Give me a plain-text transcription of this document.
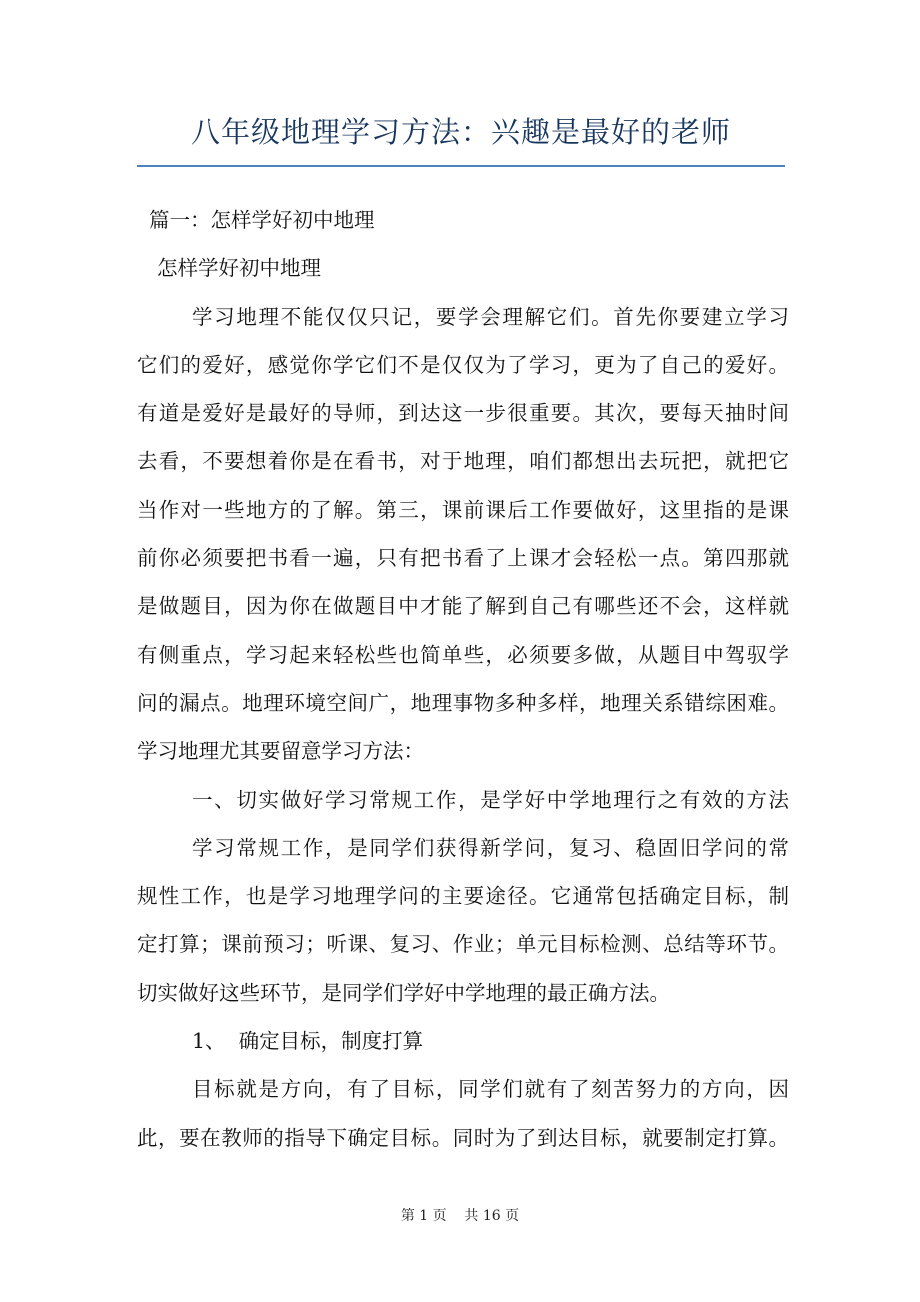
八年级地理学习方法：兴趣是最好的老师
篇一：怎样学好初中地理
怎样学好初中地理
学习地理不能仅仅只记，要学会理解它们。首先你要建立学习
它们的爱好，感觉你学它们不是仅仅为了学习，更为了自己的爱好。
有道是爱好是最好的导师，到达这一步很重要。其次，要每天抽时间
去看，不要想着你是在看书，对于地理，咱们都想出去玩把，就把它
当作对一些地方的了解。第三，课前课后工作要做好，这里指的是课
前你必须要把书看一遍，只有把书看了上课才会轻松一点。第四那就
是做题目，因为你在做题目中才能了解到自己有哪些还不会，这样就
有侧重点，学习起来轻松些也简单些，必须要多做，从题目中驾驭学
问的漏点。地理环境空间广，地理事物多种多样，地理关系错综困难。
学习地理尤其要留意学习方法：
一、切实做好学习常规工作，是学好中学地理行之有效的方法
学习常规工作，是同学们获得新学问，复习、稳固旧学问的常
规性工作，也是学习地理学问的主要途径。它通常包括确定目标，制
定打算；课前预习；听课、复习、作业；单元目标检测、总结等环节。
切实做好这些环节，是同学们学好中学地理的最正确方法。
1、  确定目标，制度打算
目标就是方向，有了目标，同学们就有了刻苦努力的方向，因
此，要在教师的指导下确定目标。同时为了到达目标，就要制定打算。
第 1 页    共 16 页
